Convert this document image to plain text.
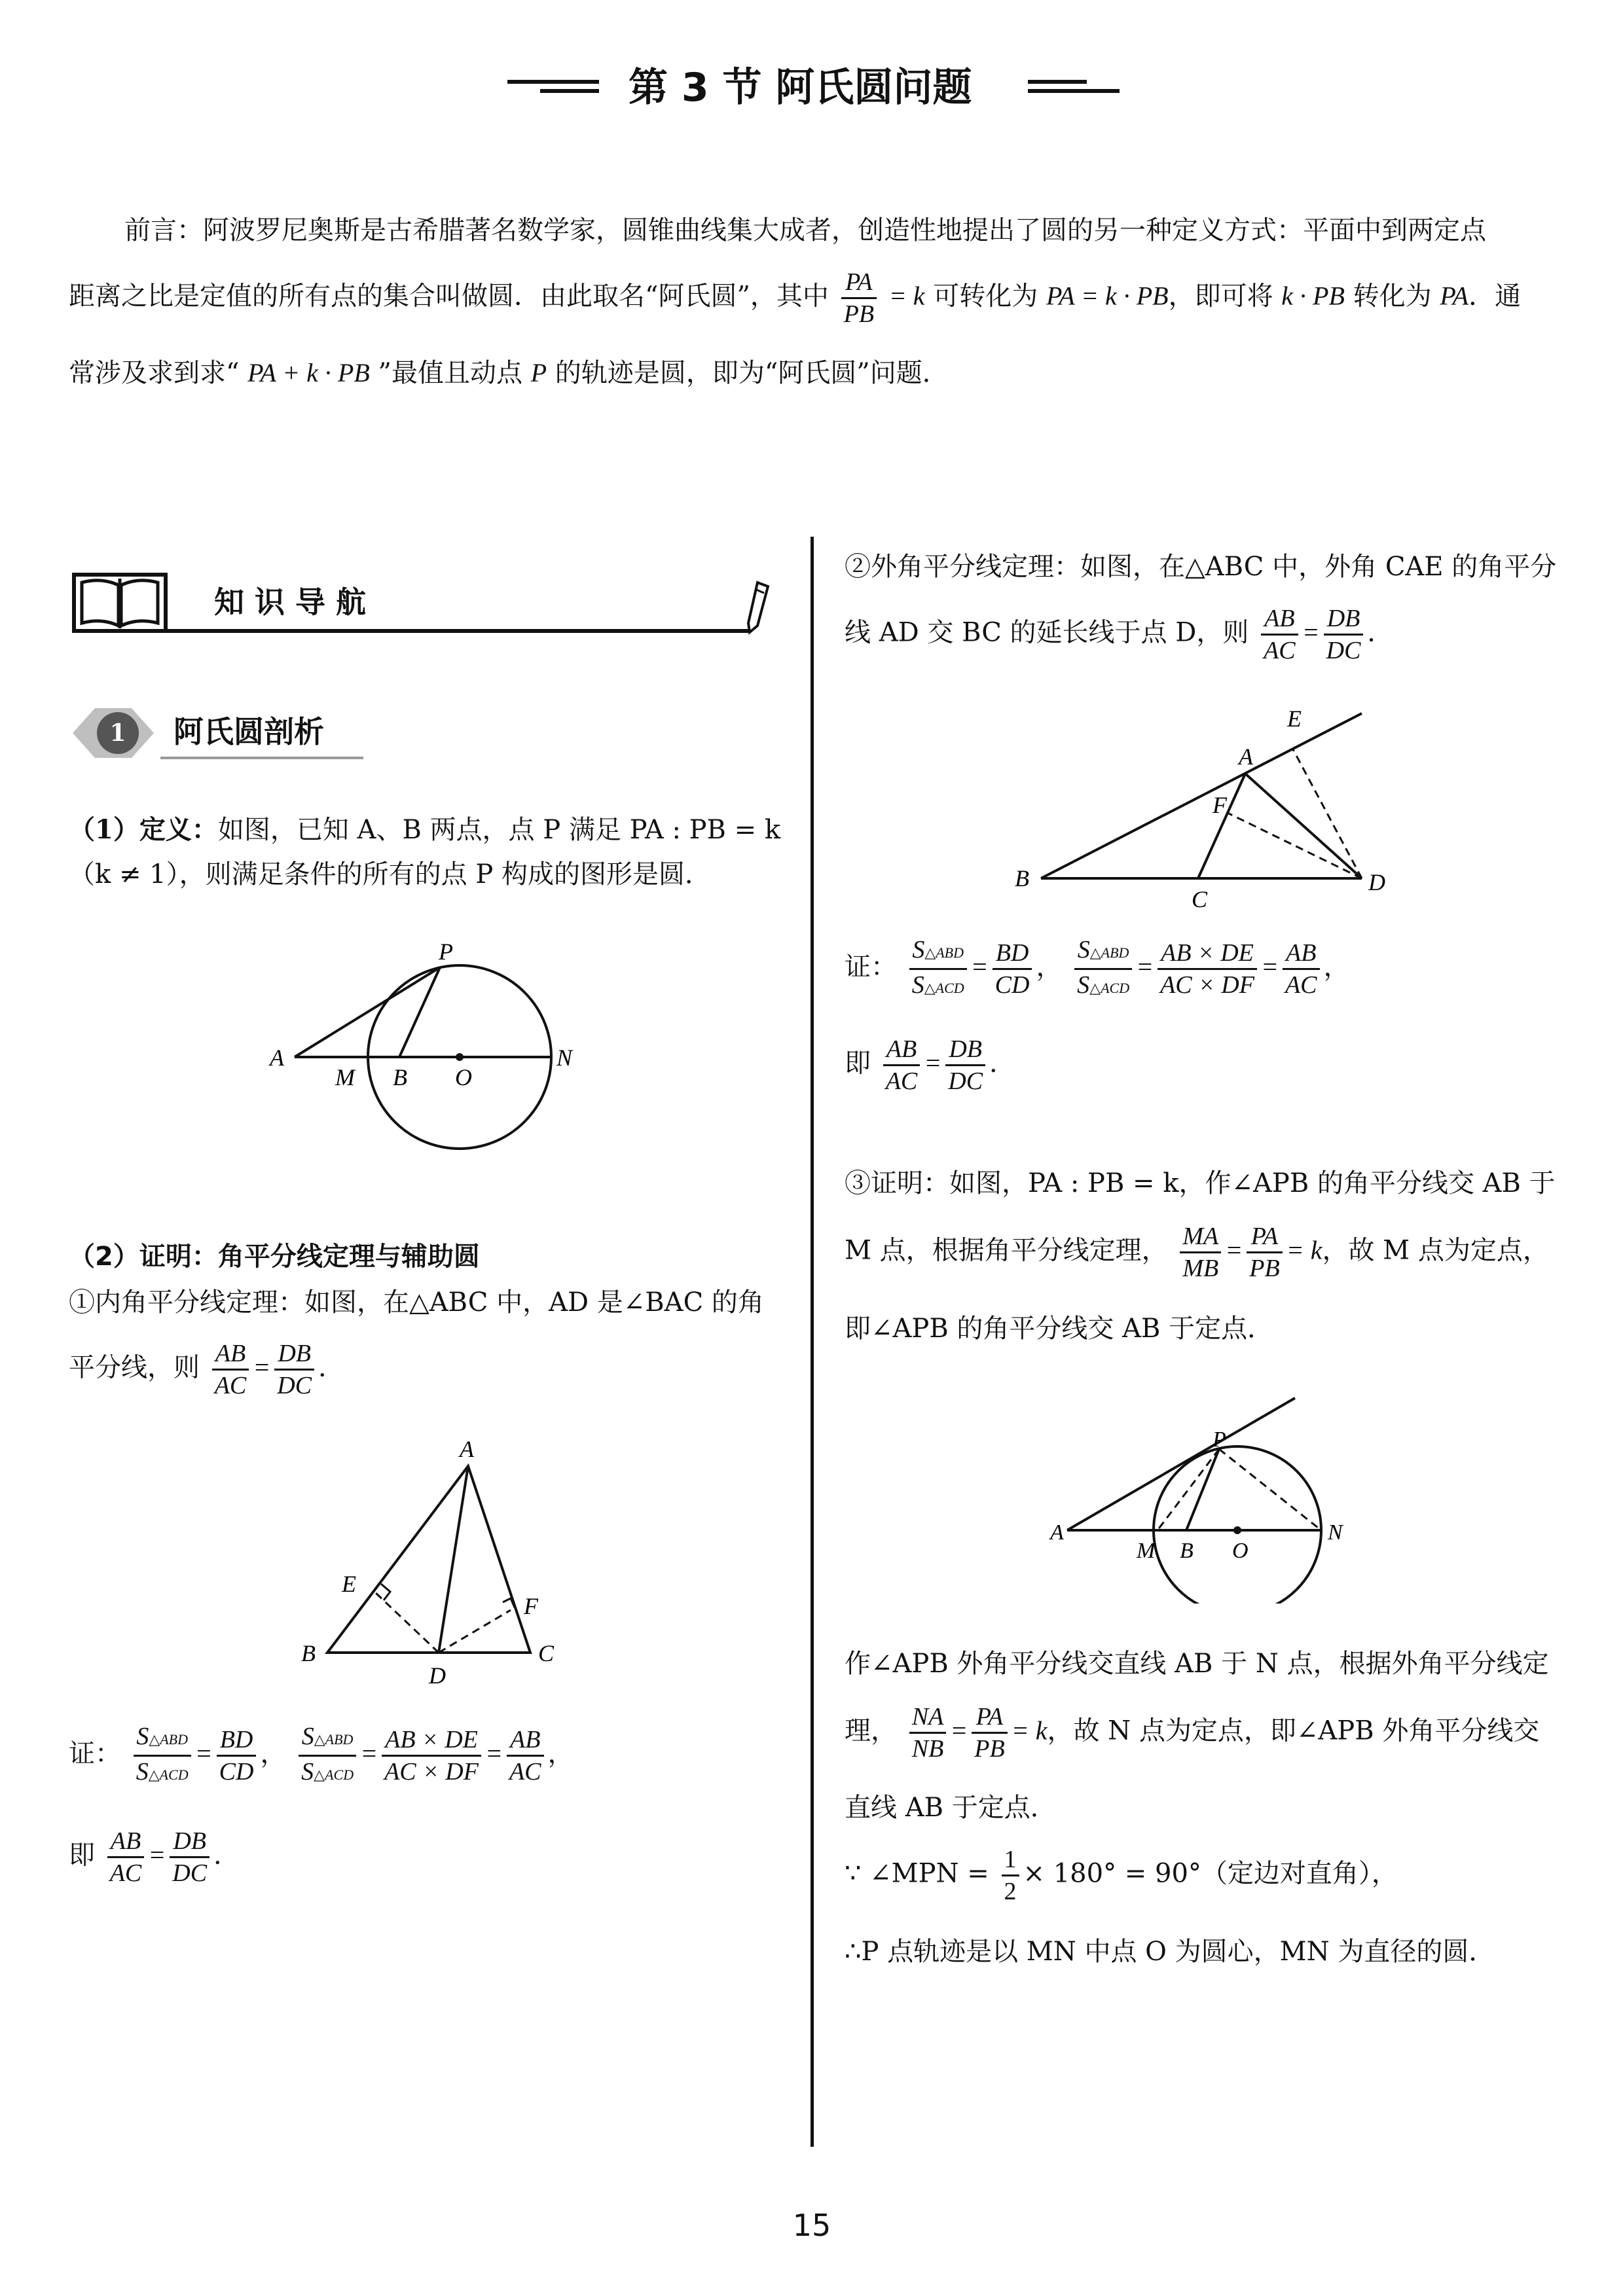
第 3 节 阿氏圆问题
前言：阿波罗尼奥斯是古希腊著名数学家，圆锥曲线集大成者，创造性地提出了圆的另一种定义方式：平面中到两定点
距离之比是定值的所有点的集合叫做圆．由此取名“阿氏圆”，其中 $\frac{PA}{PB} = k$ 可转化为 PA = k · PB，即可将 k · PB 转化为 PA．通
常涉及求到求“ PA + k · PB ”最值且动点 P 的轨迹是圆，即为“阿氏圆”问题．
知 识 导 航
1 阿氏圆剖析
（1）定义：如图，已知 A、B 两点，点 P 满足 PA : PB = k
（k ≠ 1），则满足条件的所有的点 P 构成的图形是圆．
P
A
M B O
N
（2）证明：角平分线定理与辅助圆
①内角平分线定理：如图，在△ABC 中，AD 是∠BAC 的角
平分线，则 $\frac{AB}{AC} = \frac{DB}{DC}$ ．
A
B	C
D
E
F
证： $\frac{\text{S△ABD}}{\text{S△ACD}} = \frac{BD}{CD}$ ， $\frac{\text{S△ABD}}{\text{S△ACD}} = \frac{AB \times DE}{AC \times DF} = \frac{AB}{AC}$ ，
即 $\frac{AB}{AC} = \frac{DB}{DC}$ ．
②外角平分线定理：如图，在△ABC 中，外角 CAE 的角平分
线 AD 交 BC 的延长线于点 D，则 $\frac{AB}{AC} = \frac{DB}{DC}$ ．
A
E
F
B
C
D
证： $\frac{\text{S△ABD}}{\text{S△ACD}} = \frac{BD}{CD}$ ， $\frac{\text{S△ABD}}{\text{S△ACD}} = \frac{AB \times DE}{AC \times DF} = \frac{AB}{AC}$ ，
即 $\frac{AB}{AC} = \frac{DB}{DC}$ ．
③证明：如图，PA : PB = k，作∠APB 的角平分线交 AB 于
M 点，根据角平分线定理， $\frac{MA}{MB} = \frac{PA}{PB} = k$，故 M 点为定点，
即∠APB 的角平分线交 AB 于定点．
P
A
M B O
N
作∠APB 外角平分线交直线 AB 于 N 点，根据外角平分线定
理， $\frac{NA}{NB} = \frac{PA}{PB} = k$，故 N 点为定点，即∠APB 外角平分线交
直线 AB 于定点．
∵ ∠MPN = $\frac{1}{2} \times 180^\circ = 90^\circ$（定边对直角），
∴P 点轨迹是以 MN 中点 O 为圆心，MN 为直径的圆．
15
